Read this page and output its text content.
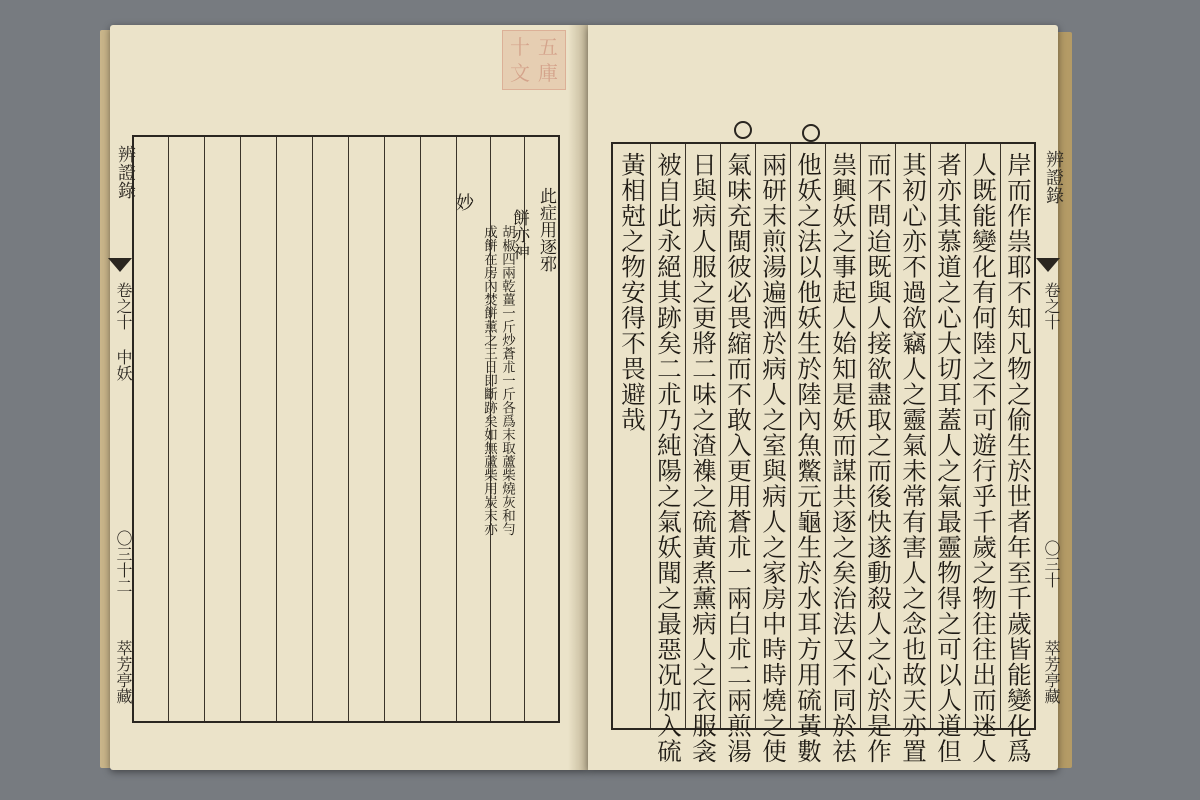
十 五
文 庫
辨證錄
卷之十 中妖
〇三十二
萃芳亭藏
此症用逐邪
餅亦神
胡椒四兩乾薑一斤炒蒼朮一斤各爲末取蘆柴燒灰和勻
成餅在房內焚餅薰之三日即斷跡矣如無蘆柴用炭末亦
妙	岸而作祟耶不知凡物之偷生於世者年至千歲皆能變化爲
人既能變化有何陸之不可遊行乎千歲之物往往出而迷人
者亦其慕道之心大切耳蓋人之氣最靈物得之可以人道但
其初心亦不過欲竊人之靈氣未常有害人之念也故天亦置
而不問迨既與人接欲盡取之而後快遂動殺人之心於是作
祟興妖之事起人始知是妖而謀共逐之矣治法又不同於祛
他妖之法以他妖生於陸內魚鱉元龜生於水耳方用硫黃數
兩研末煎湯遍洒於病人之室與病人之家房中時時燒之使
氣味充閩彼必畏縮而不敢入更用蒼朮一兩白朮二兩煎湯
日與病人服之更將二味之渣襍之硫黃煮薰病人之衣服衾
被自此永絕其跡矣二朮乃純陽之氣妖聞之最惡况加入硫
黃相尅之物安得不畏避哉	辨證錄
卷之十
〇三十
萃芳亭藏
